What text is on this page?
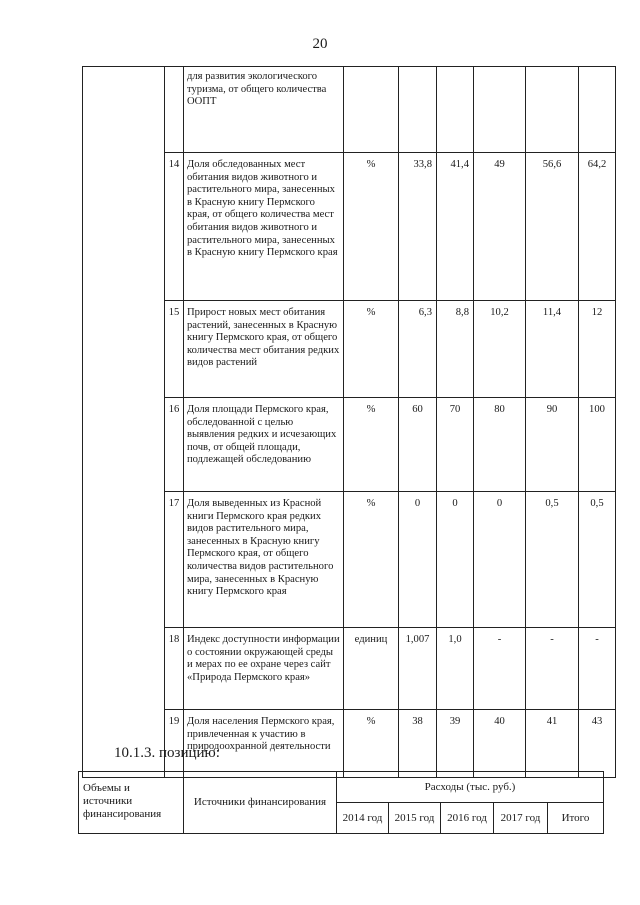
20
		для развития экологического туризма, от общего количества ООПТ						
	14	Доля обследованных мест обитания видов животного и растительного мира, занесенных в Красную книгу Пермского края, от общего количества мест обитания видов животного и растительного мира, занесенных в Красную книгу Пермского края	%	33,8	41,4	49	56,6	64,2
	15	Прирост новых мест обитания растений, занесенных в Красную книгу Пермского края, от общего количества мест обитания редких видов растений	%	6,3	8,8	10,2	11,4	12
	16	Доля площади Пермского края, обследованной с целью выявления редких и исчезающих почв, от общей площади, подлежащей обследованию	%	60	70	80	90	100
	17	Доля выведенных из Красной книги Пермского края редких видов растительного мира, занесенных в Красную книгу Пермского края, от общего количества видов растительного мира, занесенных в Красную книгу Пермского края	%	0	0	0	0,5	0,5
	18	Индекс доступности информации о состоянии окружающей среды и мерах по ее охране через сайт «Природа Пермского края»	единиц	1,007	1,0	-	-	-
	19	Доля населения Пермского края, привлеченная к участию в природоохранной деятельности	%	38	39	40	41	43
10.1.3. позицию:
Объемы и источники финансирования	Источники финансирования	Расходы (тыс. руб.)				
		2014 год	2015 год	2016 год	2017 год	Итого
